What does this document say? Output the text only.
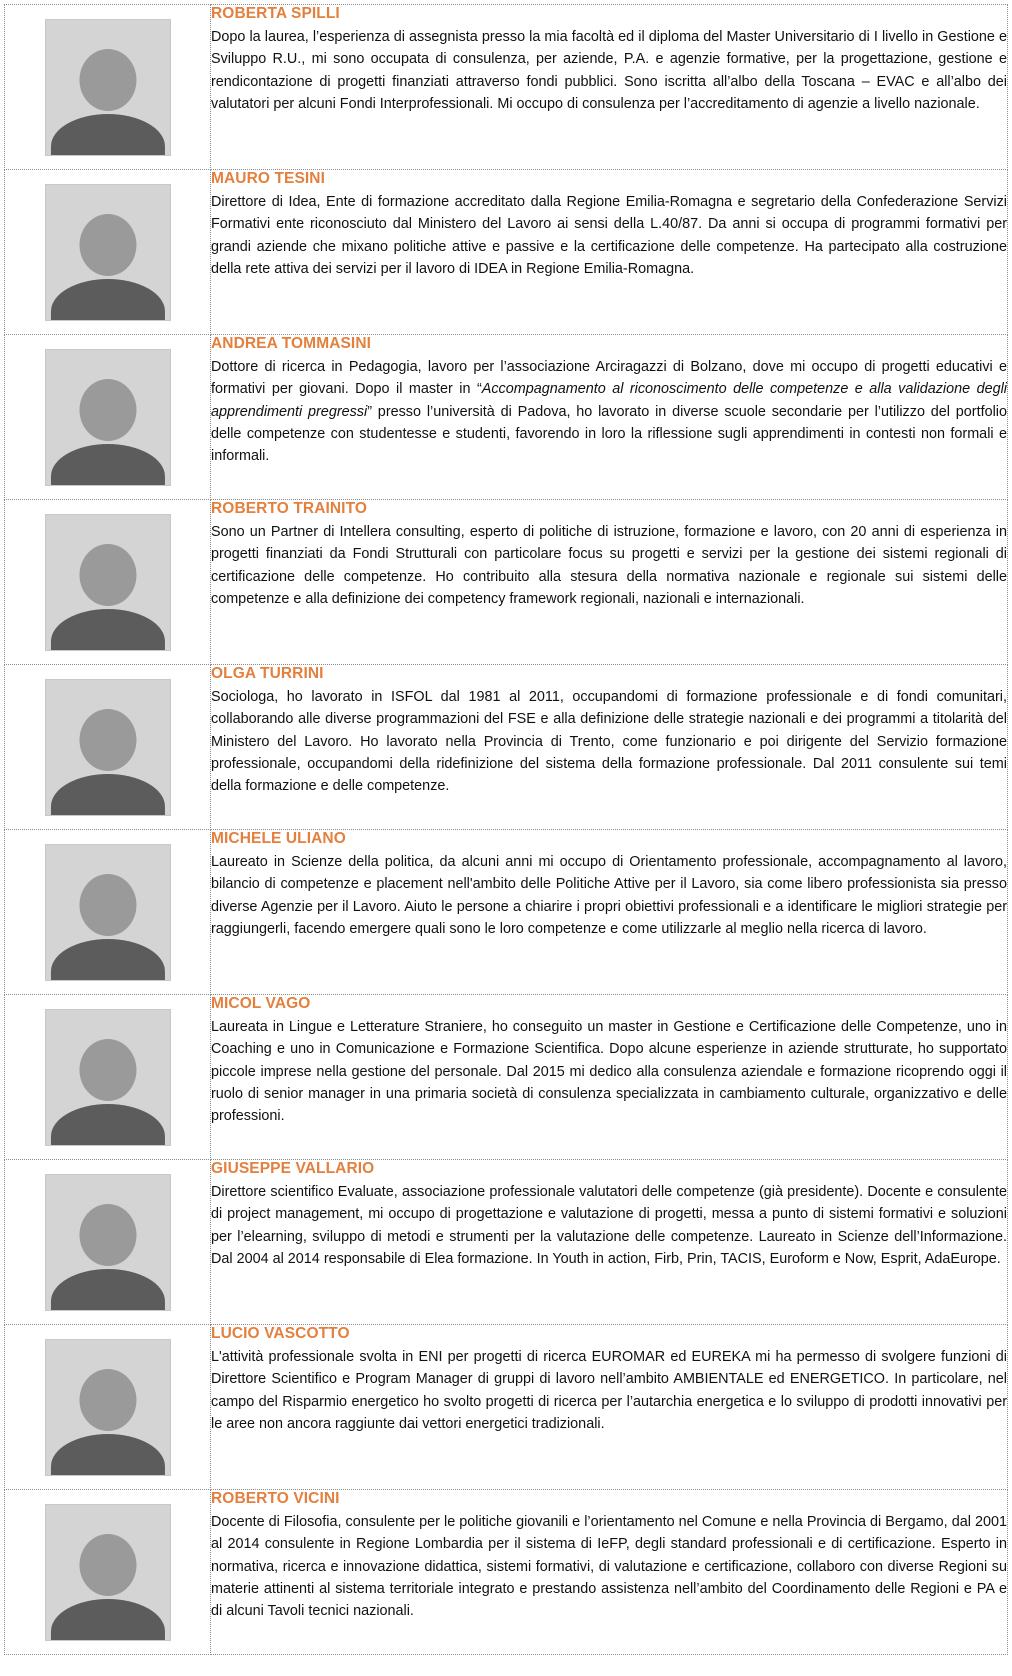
	ROBERTA SPILLI

Dopo la laurea, l’esperienza di assegnista presso la mia facoltà ed il diploma del Master Universitario di I livello in Gestione e Sviluppo R.U., mi sono occupata di consulenza, per aziende, P.A. e agenzie formative, per la progettazione, gestione e rendicontazione di progetti finanziati attraverso fondi pubblici. Sono iscritta all’albo della Toscana – EVAC e all’albo dei valutatori per alcuni Fondi Interprofessionali. Mi occupo di consulenza per l’accreditamento di agenzie a livello nazionale.

	MAURO TESINI

Direttore di Idea, Ente di formazione accreditato dalla Regione Emilia-Romagna e segretario della Confederazione Servizi Formativi ente riconosciuto dal Ministero del Lavoro ai sensi della L.40/87. Da anni si occupa di programmi formativi per grandi aziende che mixano politiche attive e passive e la certificazione delle competenze. Ha partecipato alla costruzione della rete attiva dei servizi per il lavoro di IDEA in Regione Emilia-Romagna.

	ANDREA TOMMASINI

Dottore di ricerca in Pedagogia, lavoro per l’associazione Arciragazzi di Bolzano, dove mi occupo di progetti educativi e formativi per giovani. Dopo il master in “Accompagnamento al riconoscimento delle competenze e alla validazione degli apprendimenti pregressi” presso l’università di Padova, ho lavorato in diverse scuole secondarie per l’utilizzo del portfolio delle competenze con studentesse e studenti, favorendo in loro la riflessione sugli apprendimenti in contesti non formali e informali.

	ROBERTO TRAINITO

Sono un Partner di Intellera consulting, esperto di politiche di istruzione, formazione e lavoro, con 20 anni di esperienza in progetti finanziati da Fondi Strutturali con particolare focus su progetti e servizi per la gestione dei sistemi regionali di certificazione delle competenze. Ho contribuito alla stesura della normativa nazionale e regionale sui sistemi delle competenze e alla definizione dei competency framework regionali, nazionali e internazionali.

	OLGA TURRINI

Sociologa, ho lavorato in ISFOL dal 1981 al 2011, occupandomi di formazione professionale e di fondi comunitari, collaborando alle diverse programmazioni del FSE e alla definizione delle strategie nazionali e dei programmi a titolarità del Ministero del Lavoro. Ho lavorato nella Provincia di Trento, come funzionario e poi dirigente del Servizio formazione professionale, occupandomi della ridefinizione del sistema della formazione professionale. Dal 2011 consulente sui temi della formazione e delle competenze.

	MICHELE ULIANO

Laureato in Scienze della politica, da alcuni anni mi occupo di Orientamento professionale, accompagnamento al lavoro, bilancio di competenze e placement nell'ambito delle Politiche Attive per il Lavoro, sia come libero professionista sia presso diverse Agenzie per il Lavoro. Aiuto le persone a chiarire i propri obiettivi professionali e a identificare le migliori strategie per raggiungerli, facendo emergere quali sono le loro competenze e come utilizzarle al meglio nella ricerca di lavoro.

	MICOL VAGO

Laureata in Lingue e Letterature Straniere, ho conseguito un master in Gestione e Certificazione delle Competenze, uno in Coaching e uno in Comunicazione e Formazione Scientifica. Dopo alcune esperienze in aziende strutturate, ho supportato piccole imprese nella gestione del personale. Dal 2015 mi dedico alla consulenza aziendale e formazione ricoprendo oggi il ruolo di senior manager in una primaria società di consulenza specializzata in cambiamento culturale, organizzativo e delle professioni.

	GIUSEPPE VALLARIO

Direttore scientifico Evaluate, associazione professionale valutatori delle competenze (già presidente). Docente e consulente di project management, mi occupo di progettazione e valutazione di progetti, messa a punto di sistemi formativi e soluzioni per l’elearning, sviluppo di metodi e strumenti per la valutazione delle competenze. Laureato in Scienze dell’Informazione. Dal 2004 al 2014 responsabile di Elea formazione. In Youth in action, Firb, Prin, TACIS, Euroform e Now, Esprit, AdaEurope.

	LUCIO VASCOTTO

L'attività professionale svolta in ENI per progetti di ricerca EUROMAR ed EUREKA mi ha permesso di svolgere funzioni di Direttore Scientifico e Program Manager di gruppi di lavoro nell’ambito AMBIENTALE ed ENERGETICO. In particolare, nel campo del Risparmio energetico ho svolto progetti di ricerca per l’autarchia energetica e lo sviluppo di prodotti innovativi per le aree non ancora raggiunte dai vettori energetici tradizionali.

	ROBERTO VICINI

Docente di Filosofia, consulente per le politiche giovanili e l’orientamento nel Comune e nella Provincia di Bergamo, dal 2001 al 2014 consulente in Regione Lombardia per il sistema di IeFP, degli standard professionali e di certificazione. Esperto in normativa, ricerca e innovazione didattica, sistemi formativi, di valutazione e certificazione, collaboro con diverse Regioni su materie attinenti al sistema territoriale integrato e prestando assistenza nell’ambito del Coordinamento delle Regioni e PA e di alcuni Tavoli tecnici nazionali.
